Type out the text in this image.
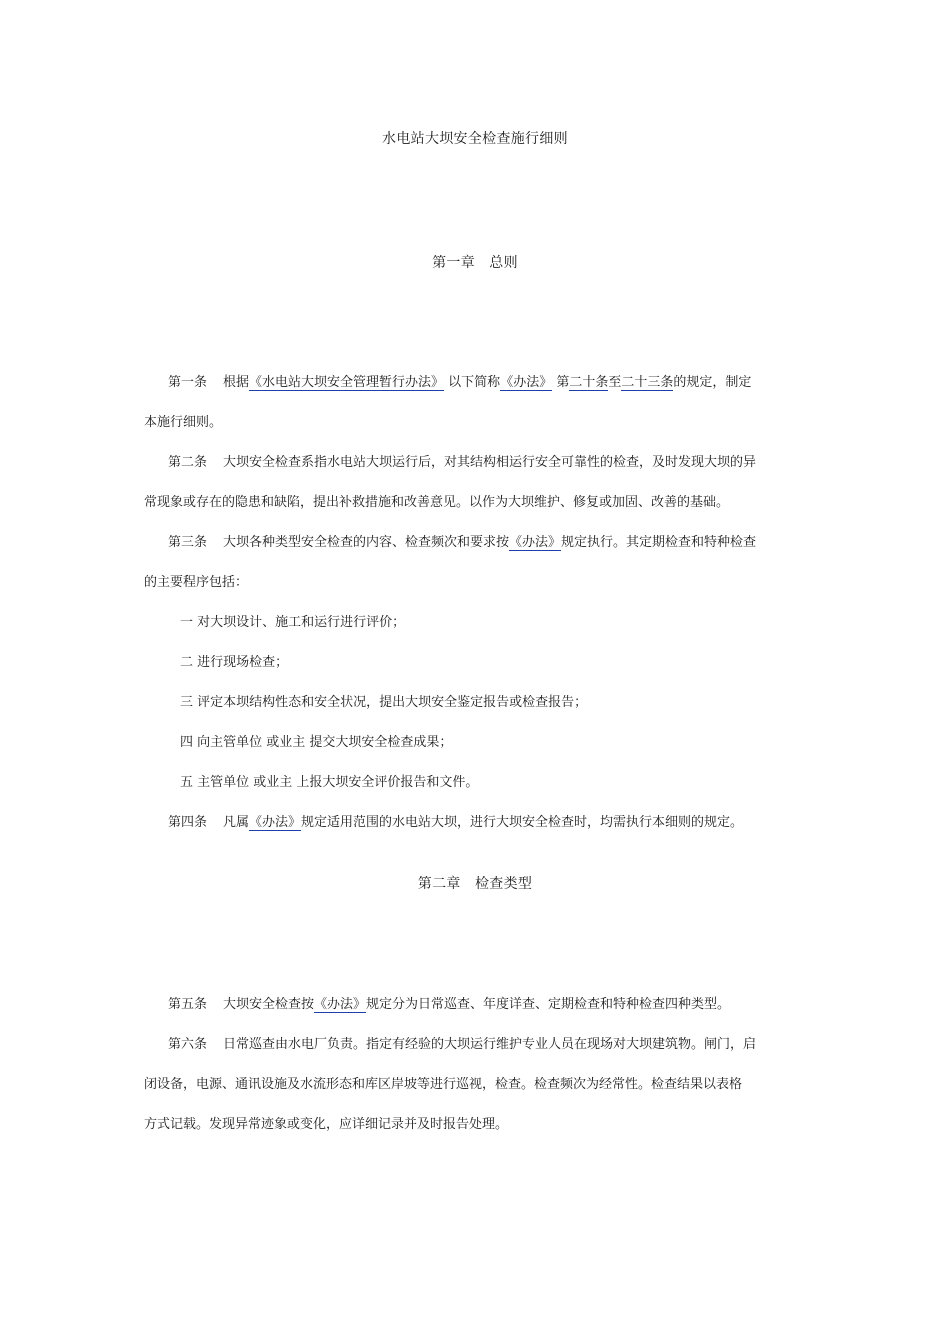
水电站大坝安全检查施行细则
第一章　总则
第一条 根据《水电站大坝安全管理暂行办法》 以下简称《办法》 第二十条至二十三条的规定，制定
本施行细则。
第二条 大坝安全检查系指水电站大坝运行后，对其结构相运行安全可靠性的检查，及时发现大坝的异
常现象或存在的隐患和缺陷，提出补救措施和改善意见。以作为大坝维护、修复或加固、改善的基础。
第三条 大坝各种类型安全检查的内容、检查频次和要求按《办法》规定执行。其定期检查和特种检查
的主要程序包括：
一 对大坝设计、施工和运行进行评价；
二 进行现场检查；
三 评定本坝结构性态和安全状况，提出大坝安全鉴定报告或检查报告；
四 向主管单位 或业主 提交大坝安全检查成果；
五 主管单位 或业主 上报大坝安全评价报告和文件。
第四条 凡属《办法》规定适用范围的水电站大坝，进行大坝安全检查时，均需执行本细则的规定。
第二章　检查类型
第五条 大坝安全检查按《办法》规定分为日常巡查、年度详查、定期检查和特种检查四种类型。
第六条 日常巡查由水电厂负责。指定有经验的大坝运行维护专业人员在现场对大坝建筑物。闸门，启
闭设备，电源、通讯设施及水流形态和库区岸坡等进行巡视，检查。检查频次为经常性。检查结果以表格
方式记载。发现异常迹象或变化，应详细记录并及时报告处理。
